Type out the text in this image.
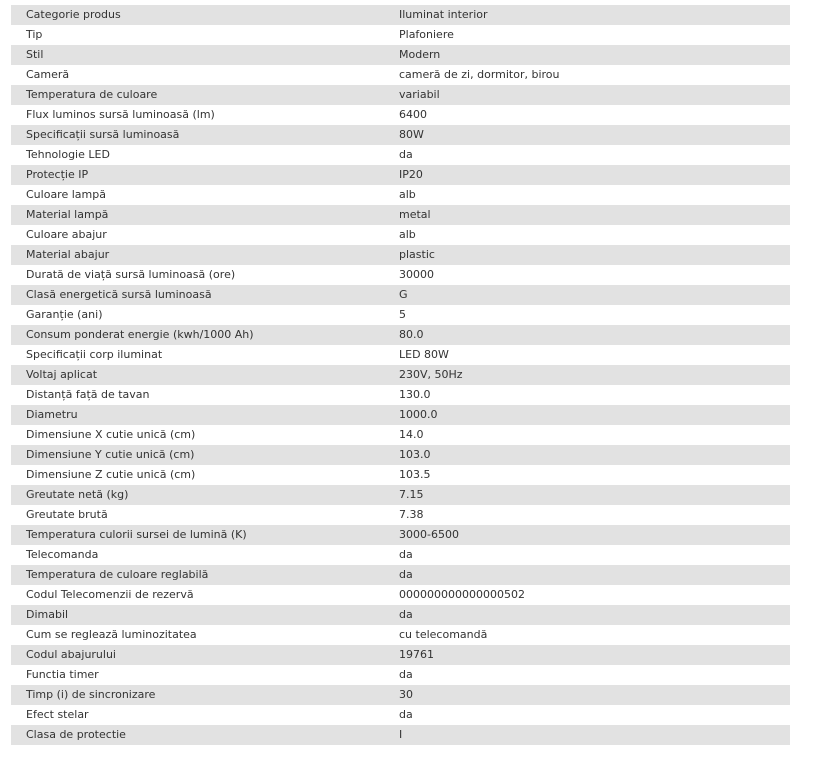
Categorie produs	Iluminat interior
Tip	Plafoniere
Stil	Modern
Cameră	cameră de zi, dormitor, birou
Temperatura de culoare	variabil
Flux luminos sursă luminoasă (lm)	6400
Specificații sursă luminoasă	80W
Tehnologie LED	da
Protecție IP	IP20
Culoare lampă	alb
Material lampă	metal
Culoare abajur	alb
Material abajur	plastic
Durată de viață sursă luminoasă (ore)	30000
Clasă energetică sursă luminoasă	G
Garanție (ani)	5
Consum ponderat energie (kwh/1000 Ah)	80.0
Specificații corp iluminat	LED 80W
Voltaj aplicat	230V, 50Hz
Distanță față de tavan	130.0
Diametru	1000.0
Dimensiune X cutie unică (cm)	14.0
Dimensiune Y cutie unică (cm)	103.0
Dimensiune Z cutie unică (cm)	103.5
Greutate netă (kg)	7.15
Greutate brută	7.38
Temperatura culorii sursei de lumină (K)	3000-6500
Telecomanda	da
Temperatura de culoare reglabilă	da
Codul Telecomenzii de rezervă	000000000000000502
Dimabil	da
Cum se reglează luminozitatea	cu telecomandă
Codul abajurului	19761
Functia timer	da
Timp (i) de sincronizare	30
Efect stelar	da
Clasa de protectie	I
